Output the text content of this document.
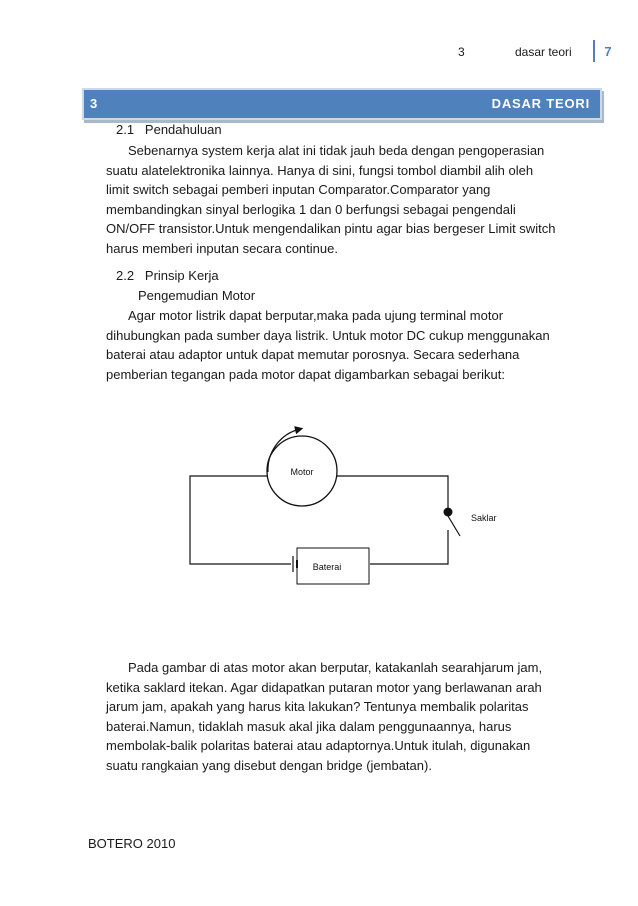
3	dasar teori	7
3	DASAR TEORI
2.1 Pendahuluan

Sebenarnya system kerja alat ini tidak jauh beda dengan pengoperasian

suatu alatelektronika lainnya. Hanya di sini, fungsi tombol diambil alih oleh

limit switch sebagai pemberi inputan Comparator.Comparator yang

membandingkan sinyal berlogika 1 dan 0 berfungsi sebagai pengendali

ON/OFF transistor.Untuk mengendalikan pintu agar bias bergeser Limit switch

harus memberi inputan secara continue.

2.2 Prinsip Kerja
Pengemudian Motor

Agar motor listrik dapat berputar,maka pada ujung terminal motor

dihubungkan pada sumber daya listrik. Untuk motor DC cukup menggunakan

baterai atau adaptor untuk dapat memutar porosnya. Secara sederhana

pemberian tegangan pada motor dapat digambarkan sebagai berikut:

Motor
Saklar
Baterai

Pada gambar di atas motor akan berputar, katakanlah searahjarum jam,

ketika saklard itekan. Agar didapatkan putaran motor yang berlawanan arah

jarum jam, apakah yang harus kita lakukan? Tentunya membalik polaritas

baterai.Namun, tidaklah masuk akal jika dalam penggunaannya, harus

membolak-balik polaritas baterai atau adaptornya.Untuk itulah, digunakan

suatu rangkaian yang disebut dengan bridge (jembatan).

BOTERO 2010
